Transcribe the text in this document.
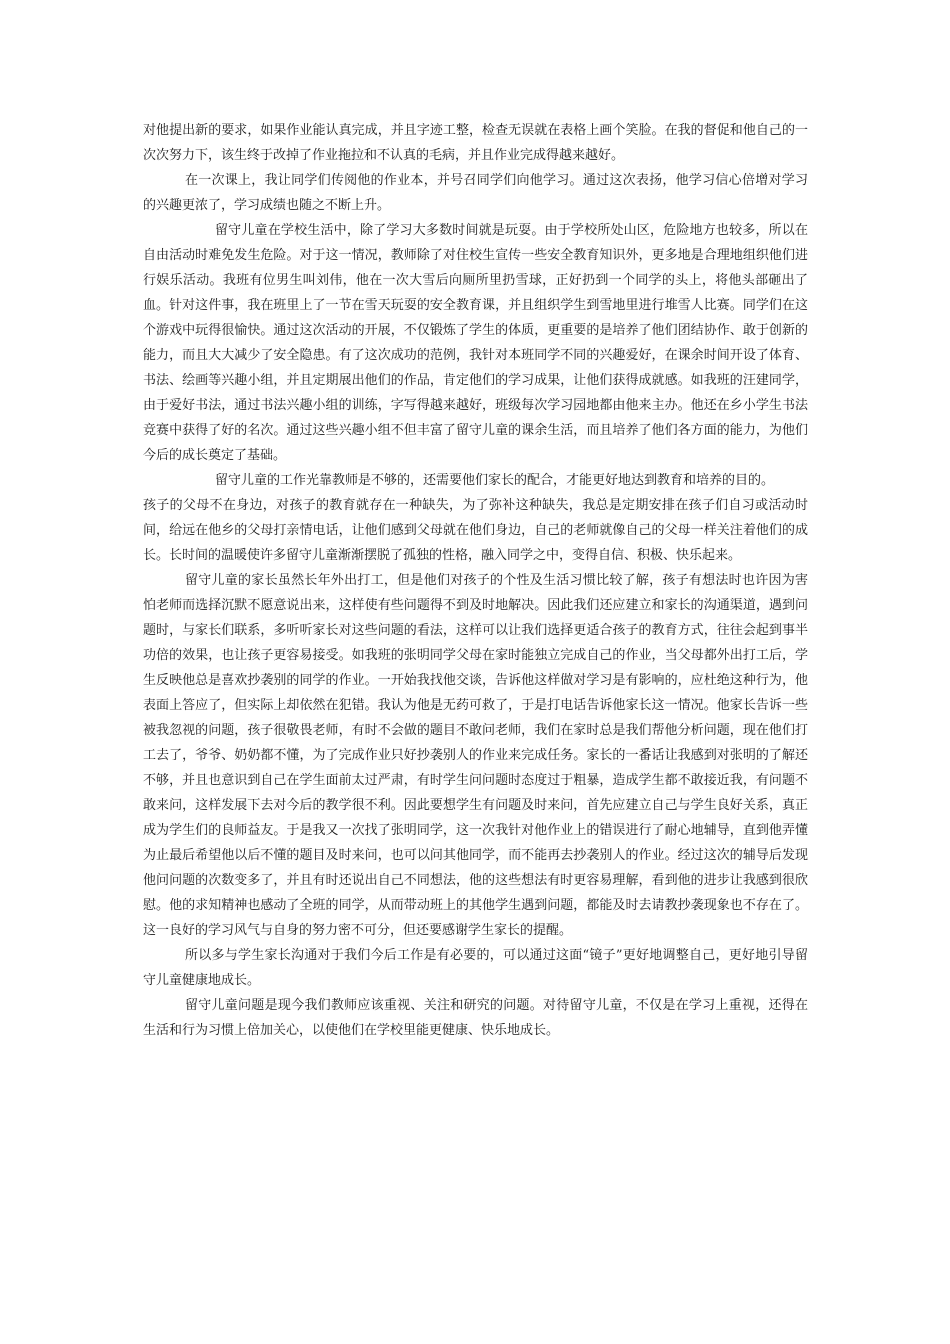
对他提出新的要求，如果作业能认真完成，并且字迹工整，检查无误就在表格上画个笑脸。在我的督促和他自己的一次次努力下，该生终于改掉了作业拖拉和不认真的毛病，并且作业完成得越来越好。

在一次课上，我让同学们传阅他的作业本，并号召同学们向他学习。通过这次表扬，他学习信心倍增对学习的兴趣更浓了，学习成绩也随之不断上升。

留守儿童在学校生活中，除了学习大多数时间就是玩耍。由于学校所处山区，危险地方也较多，所以在自由活动时难免发生危险。对于这一情况，教师除了对住校生宣传一些安全教育知识外，更多地是合理地组织他们进行娱乐活动。我班有位男生叫刘伟，他在一次大雪后向厕所里扔雪球，正好扔到一个同学的头上，将他头部砸出了血。针对这件事，我在班里上了一节在雪天玩耍的安全教育课，并且组织学生到雪地里进行堆雪人比赛。同学们在这个游戏中玩得很愉快。通过这次活动的开展，不仅锻炼了学生的体质，更重要的是培养了他们团结协作、敢于创新的能力，而且大大减少了安全隐患。有了这次成功的范例，我针对本班同学不同的兴趣爱好，在课余时间开设了体育、书法、绘画等兴趣小组，并且定期展出他们的作品，肯定他们的学习成果，让他们获得成就感。如我班的汪建同学，由于爱好书法，通过书法兴趣小组的训练，字写得越来越好，班级每次学习园地都由他来主办。他还在乡小学生书法竞赛中获得了好的名次。通过这些兴趣小组不但丰富了留守儿童的课余生活，而且培养了他们各方面的能力，为他们今后的成长奠定了基础。

留守儿童的工作光靠教师是不够的，还需要他们家长的配合，才能更好地达到教育和培养的目的。

孩子的父母不在身边，对孩子的教育就存在一种缺失，为了弥补这种缺失，我总是定期安排在孩子们自习或活动时间，给远在他乡的父母打亲情电话，让他们感到父母就在他们身边，自己的老师就像自己的父母一样关注着他们的成长。长时间的温暖使许多留守儿童渐渐摆脱了孤独的性格，融入同学之中，变得自信、积极、快乐起来。

留守儿童的家长虽然长年外出打工，但是他们对孩子的个性及生活习惯比较了解，孩子有想法时也许因为害怕老师而选择沉默不愿意说出来，这样使有些问题得不到及时地解决。因此我们还应建立和家长的沟通渠道，遇到问题时，与家长们联系，多听听家长对这些问题的看法，这样可以让我们选择更适合孩子的教育方式，往往会起到事半功倍的效果，也让孩子更容易接受。如我班的张明同学父母在家时能独立完成自己的作业，当父母都外出打工后，学生反映他总是喜欢抄袭别的同学的作业。一开始我找他交谈，告诉他这样做对学习是有影响的，应杜绝这种行为，他表面上答应了，但实际上却依然在犯错。我认为他是无药可救了，于是打电话告诉他家长这一情况。他家长告诉一些被我忽视的问题，孩子很敬畏老师，有时不会做的题目不敢问老师，我们在家时总是我们帮他分析问题，现在他们打工去了，爷爷、奶奶都不懂，为了完成作业只好抄袭别人的作业来完成任务。家长的一番话让我感到对张明的了解还不够，并且也意识到自己在学生面前太过严肃，有时学生问问题时态度过于粗暴，造成学生都不敢接近我，有问题不敢来问，这样发展下去对今后的教学很不利。因此要想学生有问题及时来问，首先应建立自己与学生良好关系，真正成为学生们的良师益友。于是我又一次找了张明同学，这一次我针对他作业上的错误进行了耐心地辅导，直到他弄懂为止最后希望他以后不懂的题目及时来问，也可以问其他同学，而不能再去抄袭别人的作业。经过这次的辅导后发现他问问题的次数变多了，并且有时还说出自己不同想法，他的这些想法有时更容易理解，看到他的进步让我感到很欣慰。他的求知精神也感动了全班的同学，从而带动班上的其他学生遇到问题，都能及时去请教抄袭现象也不存在了。这一良好的学习风气与自身的努力密不可分，但还要感谢学生家长的提醒。

所以多与学生家长沟通对于我们今后工作是有必要的，可以通过这面“镜子”更好地调整自己，更好地引导留守儿童健康地成长。

留守儿童问题是现今我们教师应该重视、关注和研究的问题。对待留守儿童，不仅是在学习上重视，还得在生活和行为习惯上倍加关心，以使他们在学校里能更健康、快乐地成长。
